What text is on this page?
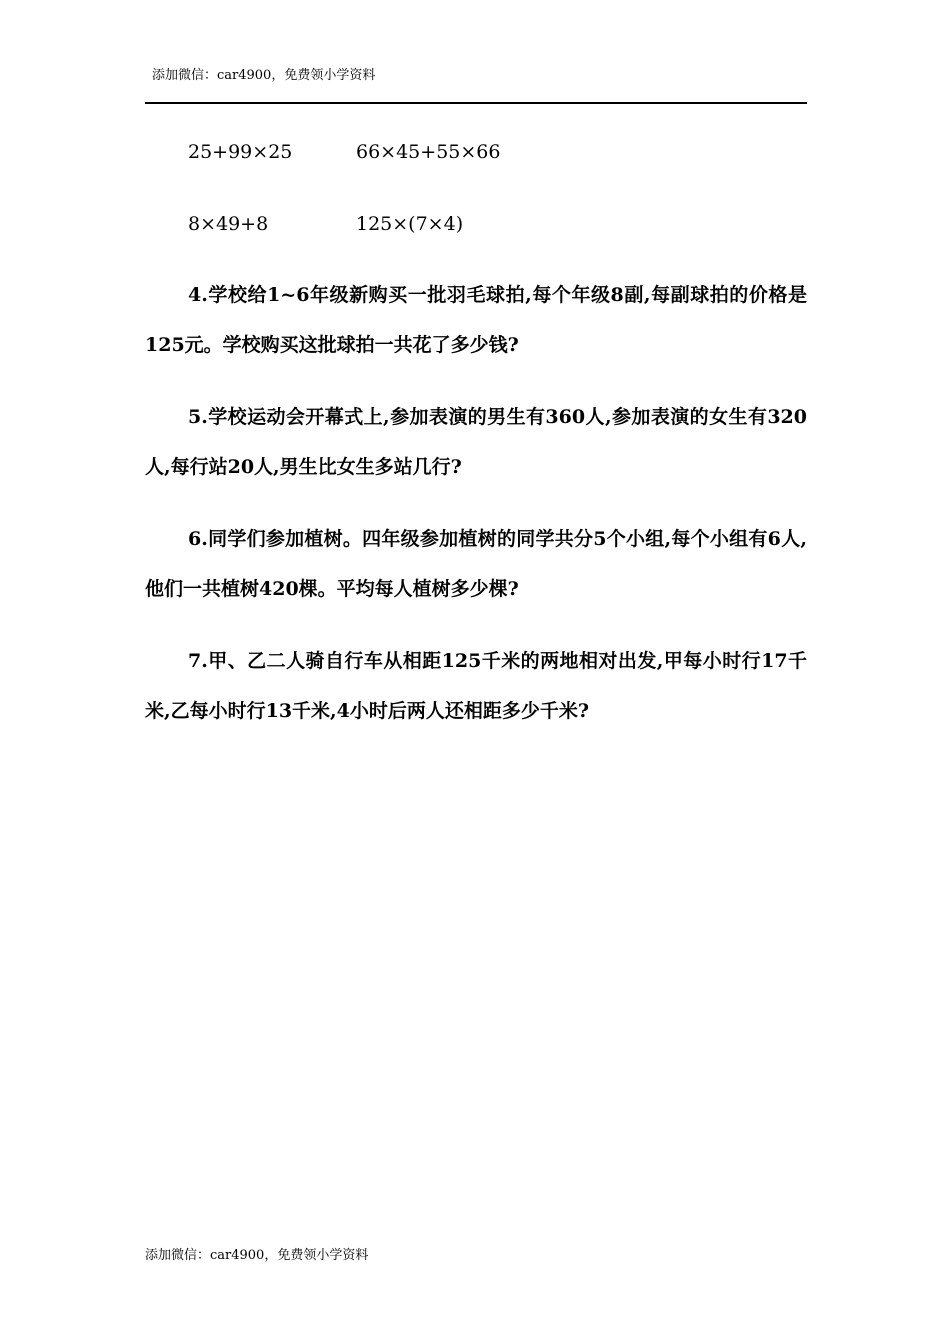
添加微信：car4900，免费领小学资料
25+99×25	66×45+55×66
8×49+8	125×(7×4)
4.学校给1~6年级新购买一批羽毛球拍,每个年级8副,每副球拍的价格是125元。学校购买这批球拍一共花了多少钱?
5.学校运动会开幕式上,参加表演的男生有360人,参加表演的女生有320人,每行站20人,男生比女生多站几行?
6.同学们参加植树。四年级参加植树的同学共分5个小组,每个小组有6人,他们一共植树420棵。平均每人植树多少棵?
7.甲、乙二人骑自行车从相距125千米的两地相对出发,甲每小时行17千米,乙每小时行13千米,4小时后两人还相距多少千米?
添加微信：car4900，免费领小学资料
